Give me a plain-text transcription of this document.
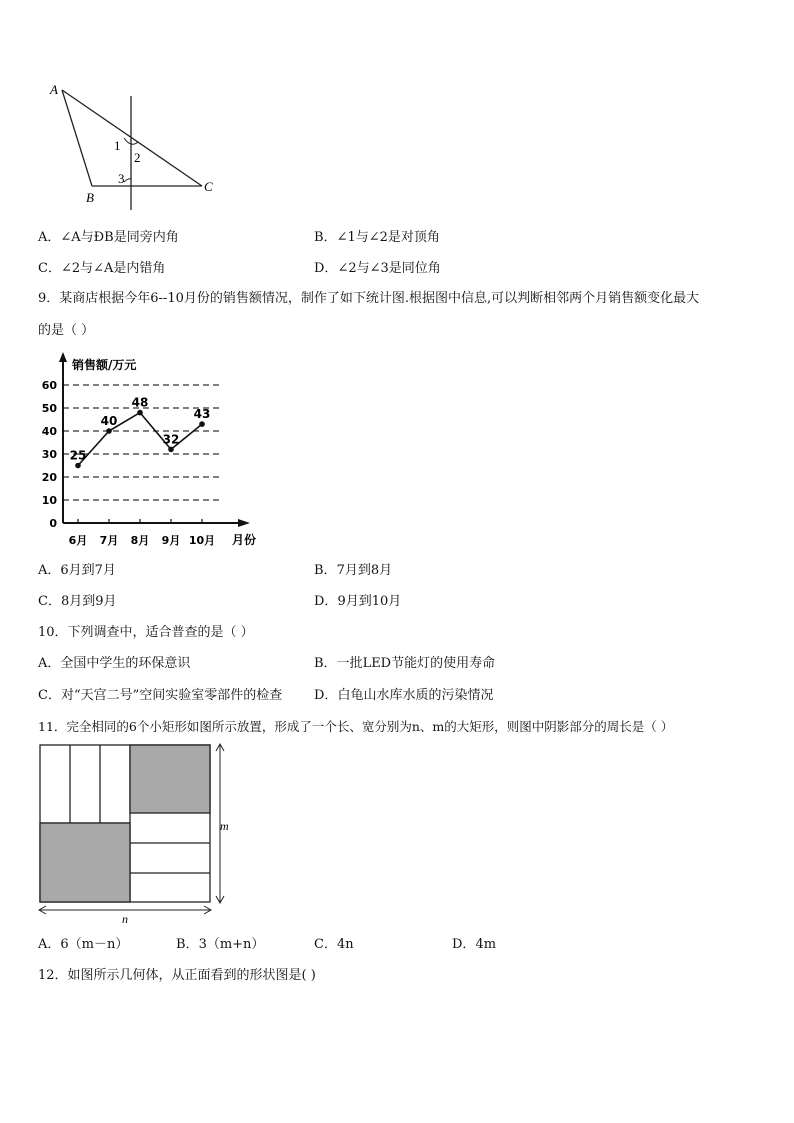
A
B
C
1
2
3
A．∠A与ÐB是同旁内角	B．∠1与∠2是对顶角
C．∠2与∠A是内错角	D．∠2与∠3是同位角
9．某商店根据今年6--10月份的销售额情况，制作了如下统计图.根据图中信息,可以判断相邻两个月销售额变化最大
的是（ ）
0
10
20
30
40
50
60
销售额/万元
月份
6月 7月 8月 9月 10月
25
40
48
32
43
A．6月到7月	B．7月到8月
C．8月到9月	D．9月到10月
10．下列调查中，适合普查的是（ ）
A．全国中学生的环保意识	B．一批LED节能灯的使用寿命
C．对“天宫二号”空间实验室零部件的检查 D．白龟山水库水质的污染情况
11．完全相同的6个小矩形如图所示放置，形成了一个长、宽分别为n、m的大矩形，则图中阴影部分的周长是（ ）
m
n
A．6（m－n）	B．3（m+n）	C．4n	D．4m
12．如图所示几何体，从正面看到的形状图是( )
